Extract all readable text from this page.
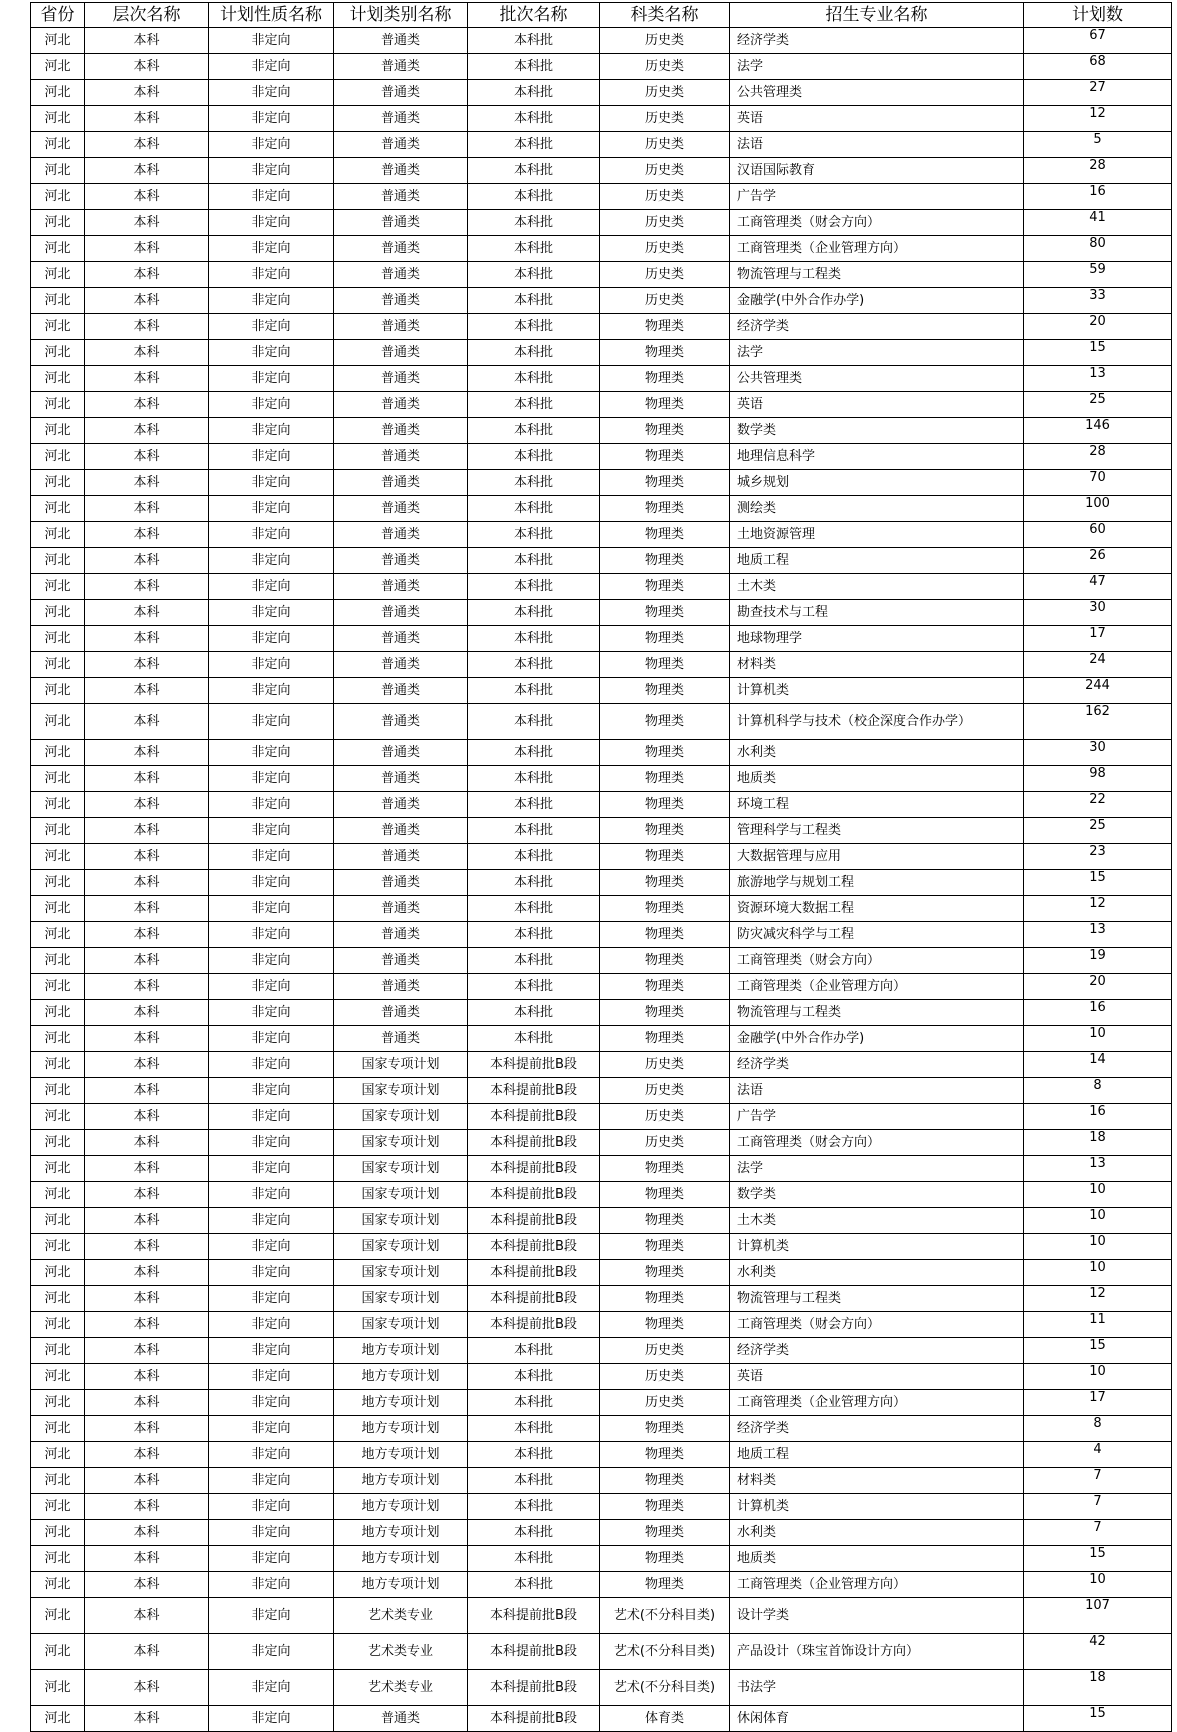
省份	层次名称	计划性质名称	计划类别名称	批次名称	科类名称	招生专业名称	计划数
河北	本科	非定向	普通类	本科批	历史类	经济学类	67
河北	本科	非定向	普通类	本科批	历史类	法学	68
河北	本科	非定向	普通类	本科批	历史类	公共管理类	27
河北	本科	非定向	普通类	本科批	历史类	英语	12
河北	本科	非定向	普通类	本科批	历史类	法语	5
河北	本科	非定向	普通类	本科批	历史类	汉语国际教育	28
河北	本科	非定向	普通类	本科批	历史类	广告学	16
河北	本科	非定向	普通类	本科批	历史类	工商管理类（财会方向）	41
河北	本科	非定向	普通类	本科批	历史类	工商管理类（企业管理方向）	80
河北	本科	非定向	普通类	本科批	历史类	物流管理与工程类	59
河北	本科	非定向	普通类	本科批	历史类	金融学(中外合作办学)	33
河北	本科	非定向	普通类	本科批	物理类	经济学类	20
河北	本科	非定向	普通类	本科批	物理类	法学	15
河北	本科	非定向	普通类	本科批	物理类	公共管理类	13
河北	本科	非定向	普通类	本科批	物理类	英语	25
河北	本科	非定向	普通类	本科批	物理类	数学类	146
河北	本科	非定向	普通类	本科批	物理类	地理信息科学	28
河北	本科	非定向	普通类	本科批	物理类	城乡规划	70
河北	本科	非定向	普通类	本科批	物理类	测绘类	100
河北	本科	非定向	普通类	本科批	物理类	土地资源管理	60
河北	本科	非定向	普通类	本科批	物理类	地质工程	26
河北	本科	非定向	普通类	本科批	物理类	土木类	47
河北	本科	非定向	普通类	本科批	物理类	勘查技术与工程	30
河北	本科	非定向	普通类	本科批	物理类	地球物理学	17
河北	本科	非定向	普通类	本科批	物理类	材料类	24
河北	本科	非定向	普通类	本科批	物理类	计算机类	244
河北	本科	非定向	普通类	本科批	物理类	计算机科学与技术（校企深度合作办学）	162
河北	本科	非定向	普通类	本科批	物理类	水利类	30
河北	本科	非定向	普通类	本科批	物理类	地质类	98
河北	本科	非定向	普通类	本科批	物理类	环境工程	22
河北	本科	非定向	普通类	本科批	物理类	管理科学与工程类	25
河北	本科	非定向	普通类	本科批	物理类	大数据管理与应用	23
河北	本科	非定向	普通类	本科批	物理类	旅游地学与规划工程	15
河北	本科	非定向	普通类	本科批	物理类	资源环境大数据工程	12
河北	本科	非定向	普通类	本科批	物理类	防灾减灾科学与工程	13
河北	本科	非定向	普通类	本科批	物理类	工商管理类（财会方向）	19
河北	本科	非定向	普通类	本科批	物理类	工商管理类（企业管理方向）	20
河北	本科	非定向	普通类	本科批	物理类	物流管理与工程类	16
河北	本科	非定向	普通类	本科批	物理类	金融学(中外合作办学)	10
河北	本科	非定向	国家专项计划	本科提前批B段	历史类	经济学类	14
河北	本科	非定向	国家专项计划	本科提前批B段	历史类	法语	8
河北	本科	非定向	国家专项计划	本科提前批B段	历史类	广告学	16
河北	本科	非定向	国家专项计划	本科提前批B段	历史类	工商管理类（财会方向）	18
河北	本科	非定向	国家专项计划	本科提前批B段	物理类	法学	13
河北	本科	非定向	国家专项计划	本科提前批B段	物理类	数学类	10
河北	本科	非定向	国家专项计划	本科提前批B段	物理类	土木类	10
河北	本科	非定向	国家专项计划	本科提前批B段	物理类	计算机类	10
河北	本科	非定向	国家专项计划	本科提前批B段	物理类	水利类	10
河北	本科	非定向	国家专项计划	本科提前批B段	物理类	物流管理与工程类	12
河北	本科	非定向	国家专项计划	本科提前批B段	物理类	工商管理类（财会方向）	11
河北	本科	非定向	地方专项计划	本科批	历史类	经济学类	15
河北	本科	非定向	地方专项计划	本科批	历史类	英语	10
河北	本科	非定向	地方专项计划	本科批	历史类	工商管理类（企业管理方向）	17
河北	本科	非定向	地方专项计划	本科批	物理类	经济学类	8
河北	本科	非定向	地方专项计划	本科批	物理类	地质工程	4
河北	本科	非定向	地方专项计划	本科批	物理类	材料类	7
河北	本科	非定向	地方专项计划	本科批	物理类	计算机类	7
河北	本科	非定向	地方专项计划	本科批	物理类	水利类	7
河北	本科	非定向	地方专项计划	本科批	物理类	地质类	15
河北	本科	非定向	地方专项计划	本科批	物理类	工商管理类（企业管理方向）	10
河北	本科	非定向	艺术类专业	本科提前批B段	艺术(不分科目类)	设计学类	107
河北	本科	非定向	艺术类专业	本科提前批B段	艺术(不分科目类)	产品设计（珠宝首饰设计方向）	42
河北	本科	非定向	艺术类专业	本科提前批B段	艺术(不分科目类)	书法学	18
河北	本科	非定向	普通类	本科提前批B段	体育类	休闲体育	15
